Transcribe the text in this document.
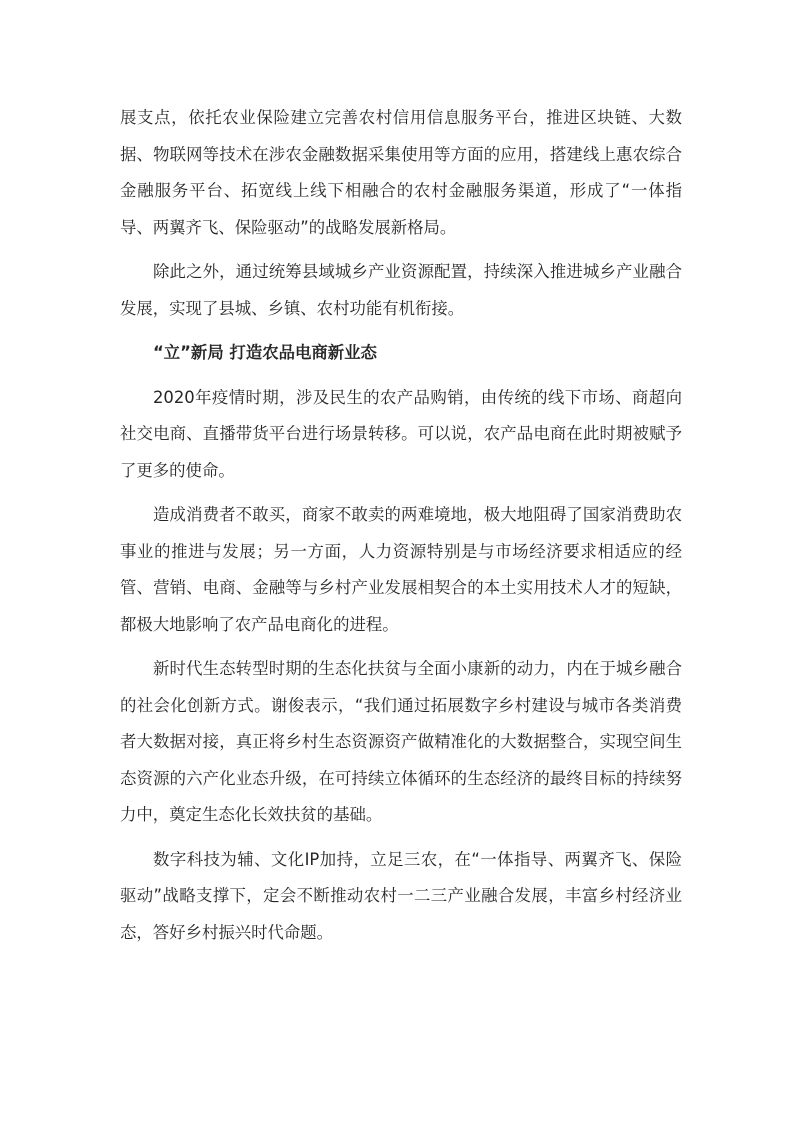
展支点，依托农业保险建立完善农村信用信息服务平台，推进区块链、大数据、物联网等技术在涉农金融数据采集使用等方面的应用，搭建线上惠农综合金融服务平台、拓宽线上线下相融合的农村金融服务渠道，形成了“一体指导、两翼齐飞、保险驱动”的战略发展新格局。

除此之外，通过统筹县域城乡产业资源配置，持续深入推进城乡产业融合发展，实现了县城、乡镇、农村功能有机衔接。

“立”新局 打造农品电商新业态

2020年疫情时期，涉及民生的农产品购销，由传统的线下市场、商超向社交电商、直播带货平台进行场景转移。可以说，农产品电商在此时期被赋予了更多的使命。

造成消费者不敢买，商家不敢卖的两难境地，极大地阻碍了国家消费助农事业的推进与发展；另一方面，人力资源特别是与市场经济要求相适应的经管、营销、电商、金融等与乡村产业发展相契合的本土实用技术人才的短缺，都极大地影响了农产品电商化的进程。

新时代生态转型时期的生态化扶贫与全面小康新的动力，内在于城乡融合的社会化创新方式。谢俊表示，“我们通过拓展数字乡村建设与城市各类消费者大数据对接，真正将乡村生态资源资产做精准化的大数据整合，实现空间生态资源的六产化业态升级，在可持续立体循环的生态经济的最终目标的持续努力中，奠定生态化长效扶贫的基础。

数字科技为辅、文化IP加持，立足三农，在“一体指导、两翼齐飞、保险驱动”战略支撑下，定会不断推动农村一二三产业融合发展，丰富乡村经济业态，答好乡村振兴时代命题。
